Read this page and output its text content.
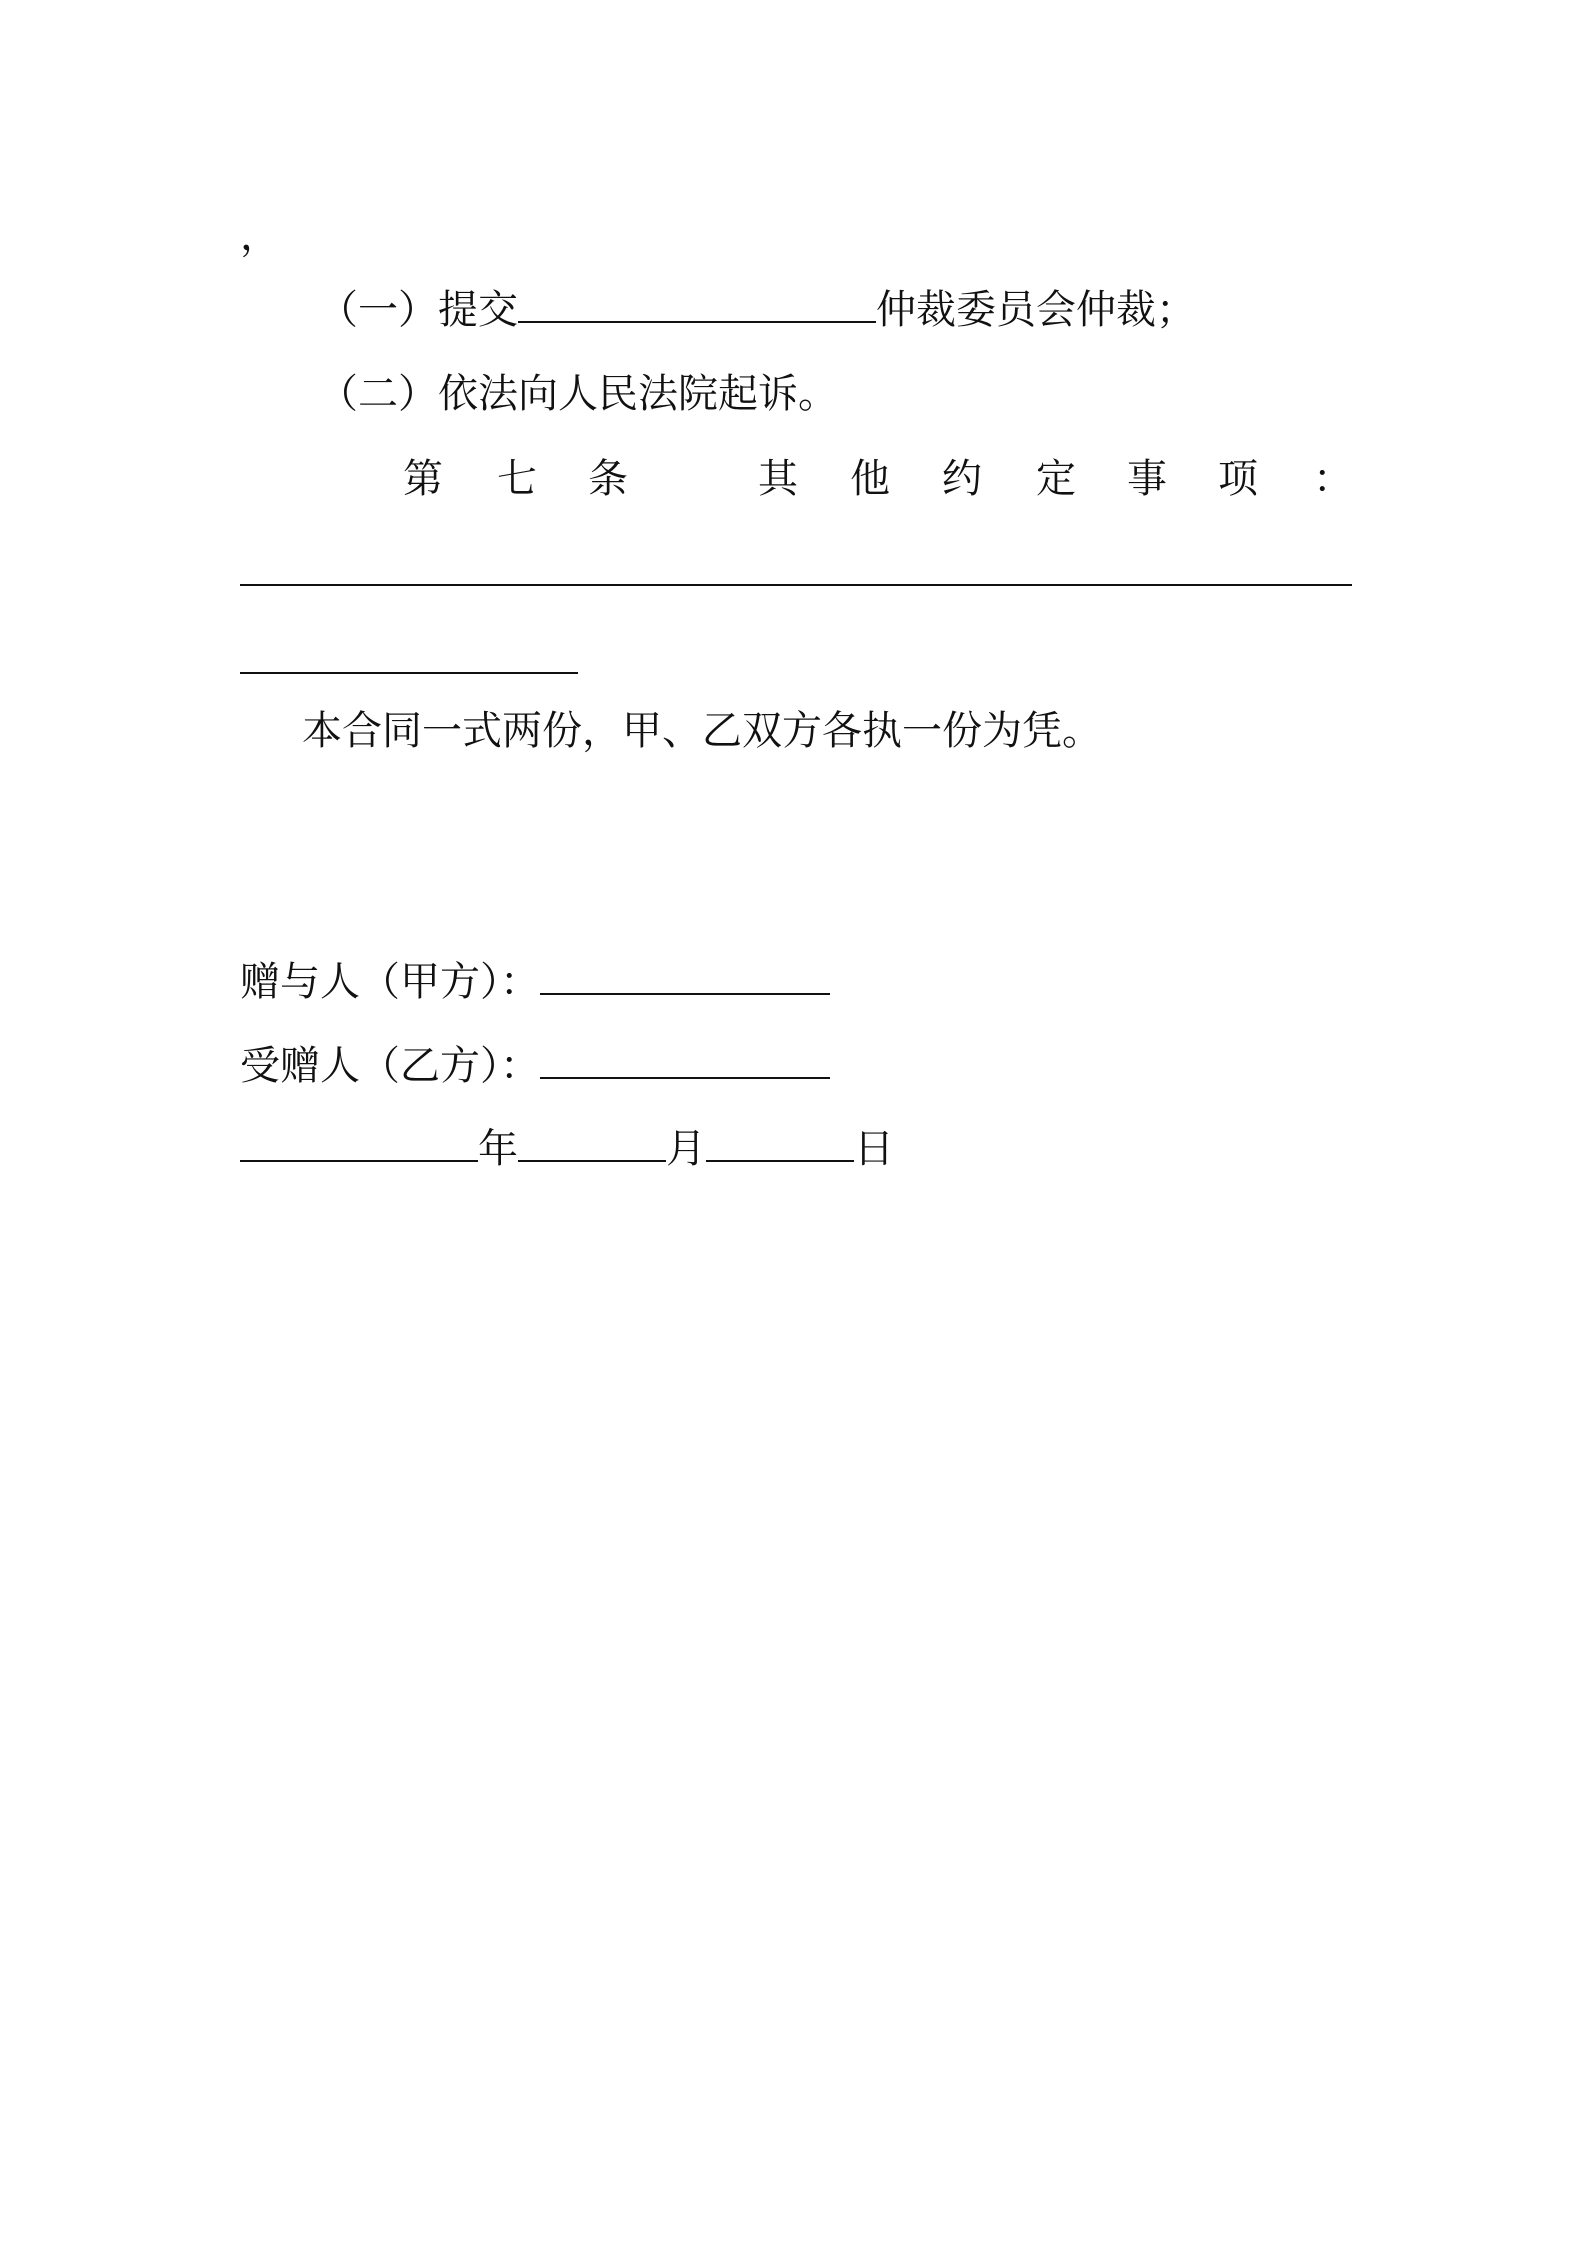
，
（一）提交	仲裁委员会仲裁；
（二）依法向人民法院起诉。
第 七 条	其 他 约 定 事 项 ：
本合同一式两份，甲、乙双方各执一份为凭。
赠与人（甲方）：
受赠人（乙方）：
年	月	日
